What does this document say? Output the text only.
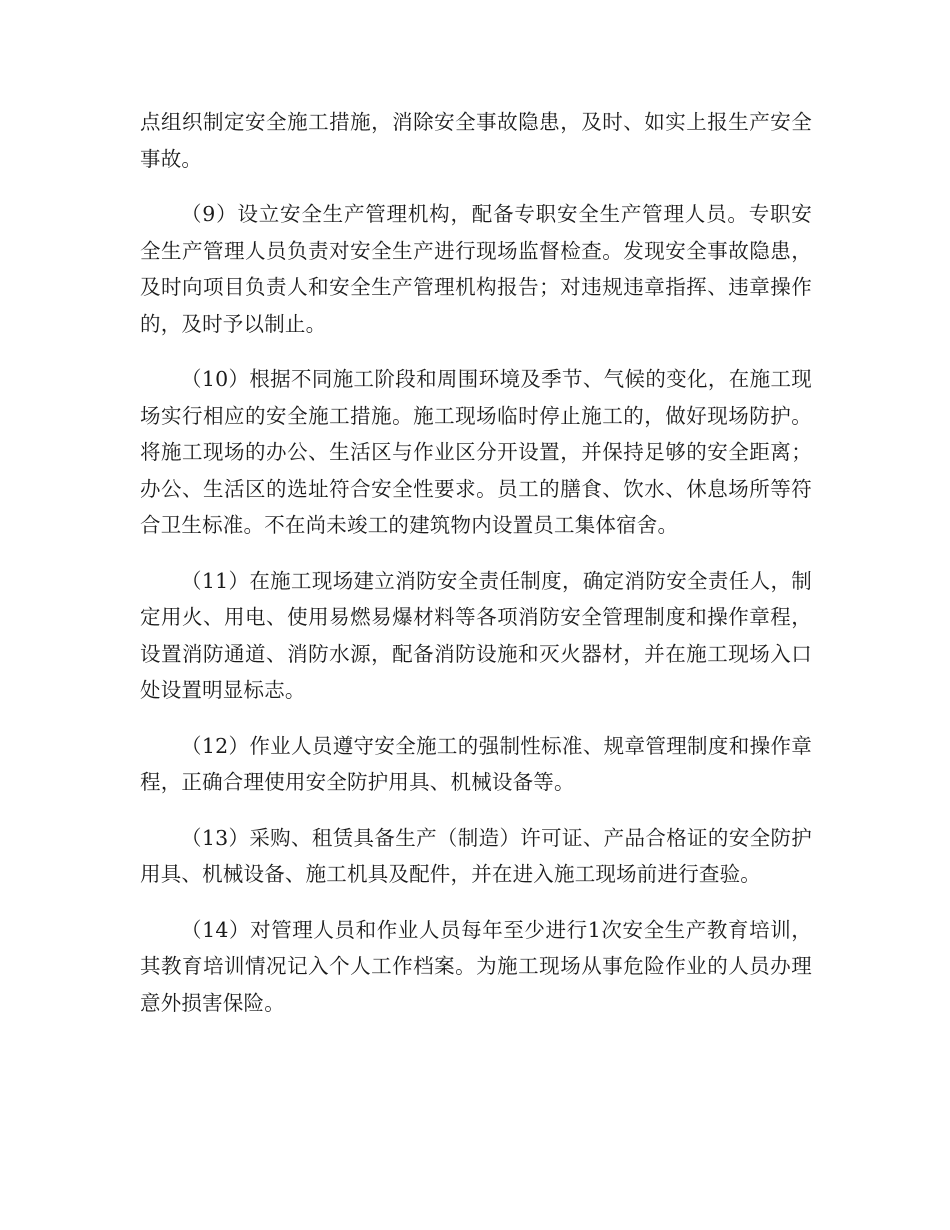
点组织制定安全施工措施，消除安全事故隐患，及时、如实上报生产安全事故。

（9）设立安全生产管理机构，配备专职安全生产管理人员。专职安全生产管理人员负责对安全生产进行现场监督检查。发现安全事故隐患，及时向项目负责人和安全生产管理机构报告；对违规违章指挥、违章操作的，及时予以制止。

（10）根据不同施工阶段和周围环境及季节、气候的变化，在施工现场实行相应的安全施工措施。施工现场临时停止施工的，做好现场防护。将施工现场的办公、生活区与作业区分开设置，并保持足够的安全距离；办公、生活区的选址符合安全性要求。员工的膳食、饮水、休息场所等符合卫生标准。不在尚未竣工的建筑物内设置员工集体宿舍。

（11）在施工现场建立消防安全责任制度，确定消防安全责任人，制定用火、用电、使用易燃易爆材料等各项消防安全管理制度和操作章程，设置消防通道、消防水源，配备消防设施和灭火器材，并在施工现场入口处设置明显标志。

（12）作业人员遵守安全施工的强制性标准、规章管理制度和操作章程，正确合理使用安全防护用具、机械设备等。

（13）采购、租赁具备生产（制造）许可证、产品合格证的安全防护用具、机械设备、施工机具及配件，并在进入施工现场前进行查验。

（14）对管理人员和作业人员每年至少进行1次安全生产教育培训，其教育培训情况记入个人工作档案。为施工现场从事危险作业的人员办理意外损害保险。
